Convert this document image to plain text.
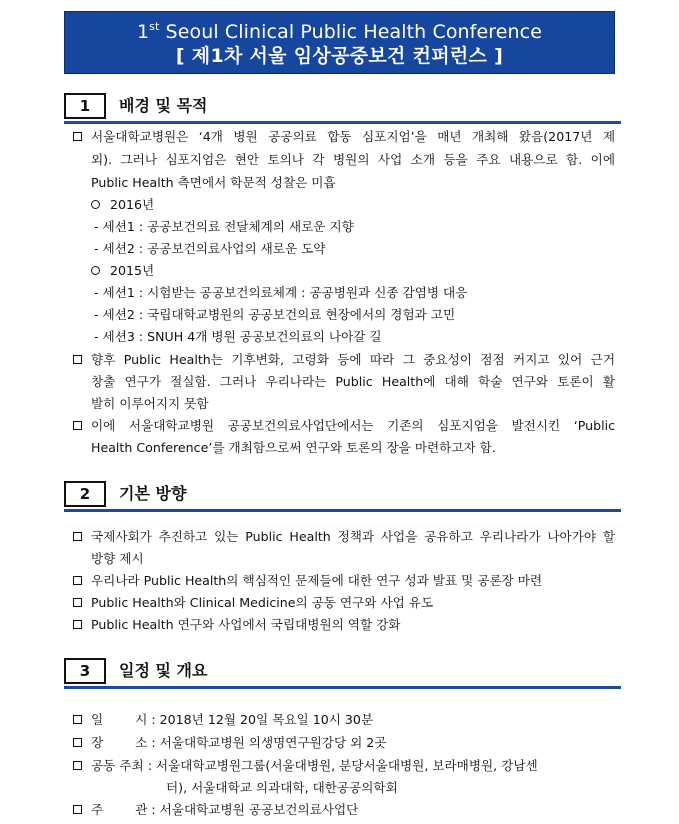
1st Seoul Clinical Public Health Conference
[ 제1차 서울 임상공중보건 컨퍼런스 ]
1	배경 및 목적
서울대학교병원은 ‘4개 병원 공공의료 합동 심포지엄’을 매년 개최해 왔음(2017년 제
외). 그러나 심포지엄은 현안 토의나 각 병원의 사업 소개 등을 주요 내용으로 함. 이에
Public Health 측면에서 학문적 성찰은 미흡
2016년
- 세션1 : 공공보건의료 전달체계의 새로운 지향
- 세션2 : 공공보건의료사업의 새로운 도약
2015년
- 세션1 : 시험받는 공공보건의료체계 : 공공병원과 신종 감염병 대응
- 세션2 : 국립대학교병원의 공공보건의료 현장에서의 경험과 고민
- 세션3 : SNUH 4개 병원 공공보건의료의 나아갈 길
향후 Public Health는 기후변화, 고령화 등에 따라 그 중요성이 점점 커지고 있어 근거
창출 연구가 절실함. 그러나 우리나라는 Public Health에 대해 학술 연구와 토론이 활
발히 이루어지지 못함
이에 서울대학교병원 공공보건의료사업단에서는 기존의 심포지엄을 발전시킨 ‘Public
Health Conference’를 개최함으로써 연구와 토론의 장을 마련하고자 함.
2	기본 방향
국제사회가 추진하고 있는 Public Health 정책과 사업을 공유하고 우리나라가 나아가야 할
방향 제시
우리나라 Public Health의 핵심적인 문제들에 대한 연구 성과 발표 및 공론장 마련
Public Health와 Clinical Medicine의 공동 연구와 사업 유도
Public Health 연구와 사업에서 국립대병원의 역할 강화
3	일정 및 개요
일        시 : 2018년 12월 20일 목요일 10시 30분
장        소 : 서울대학교병원 의생명연구원강당 외 2곳
공동 주최 : 서울대학교병원그룹(서울대병원, 분당서울대병원, 보라매병원, 강남센
터), 서울대학교 의과대학, 대한공공의학회
주        관 : 서울대학교병원 공공보건의료사업단
